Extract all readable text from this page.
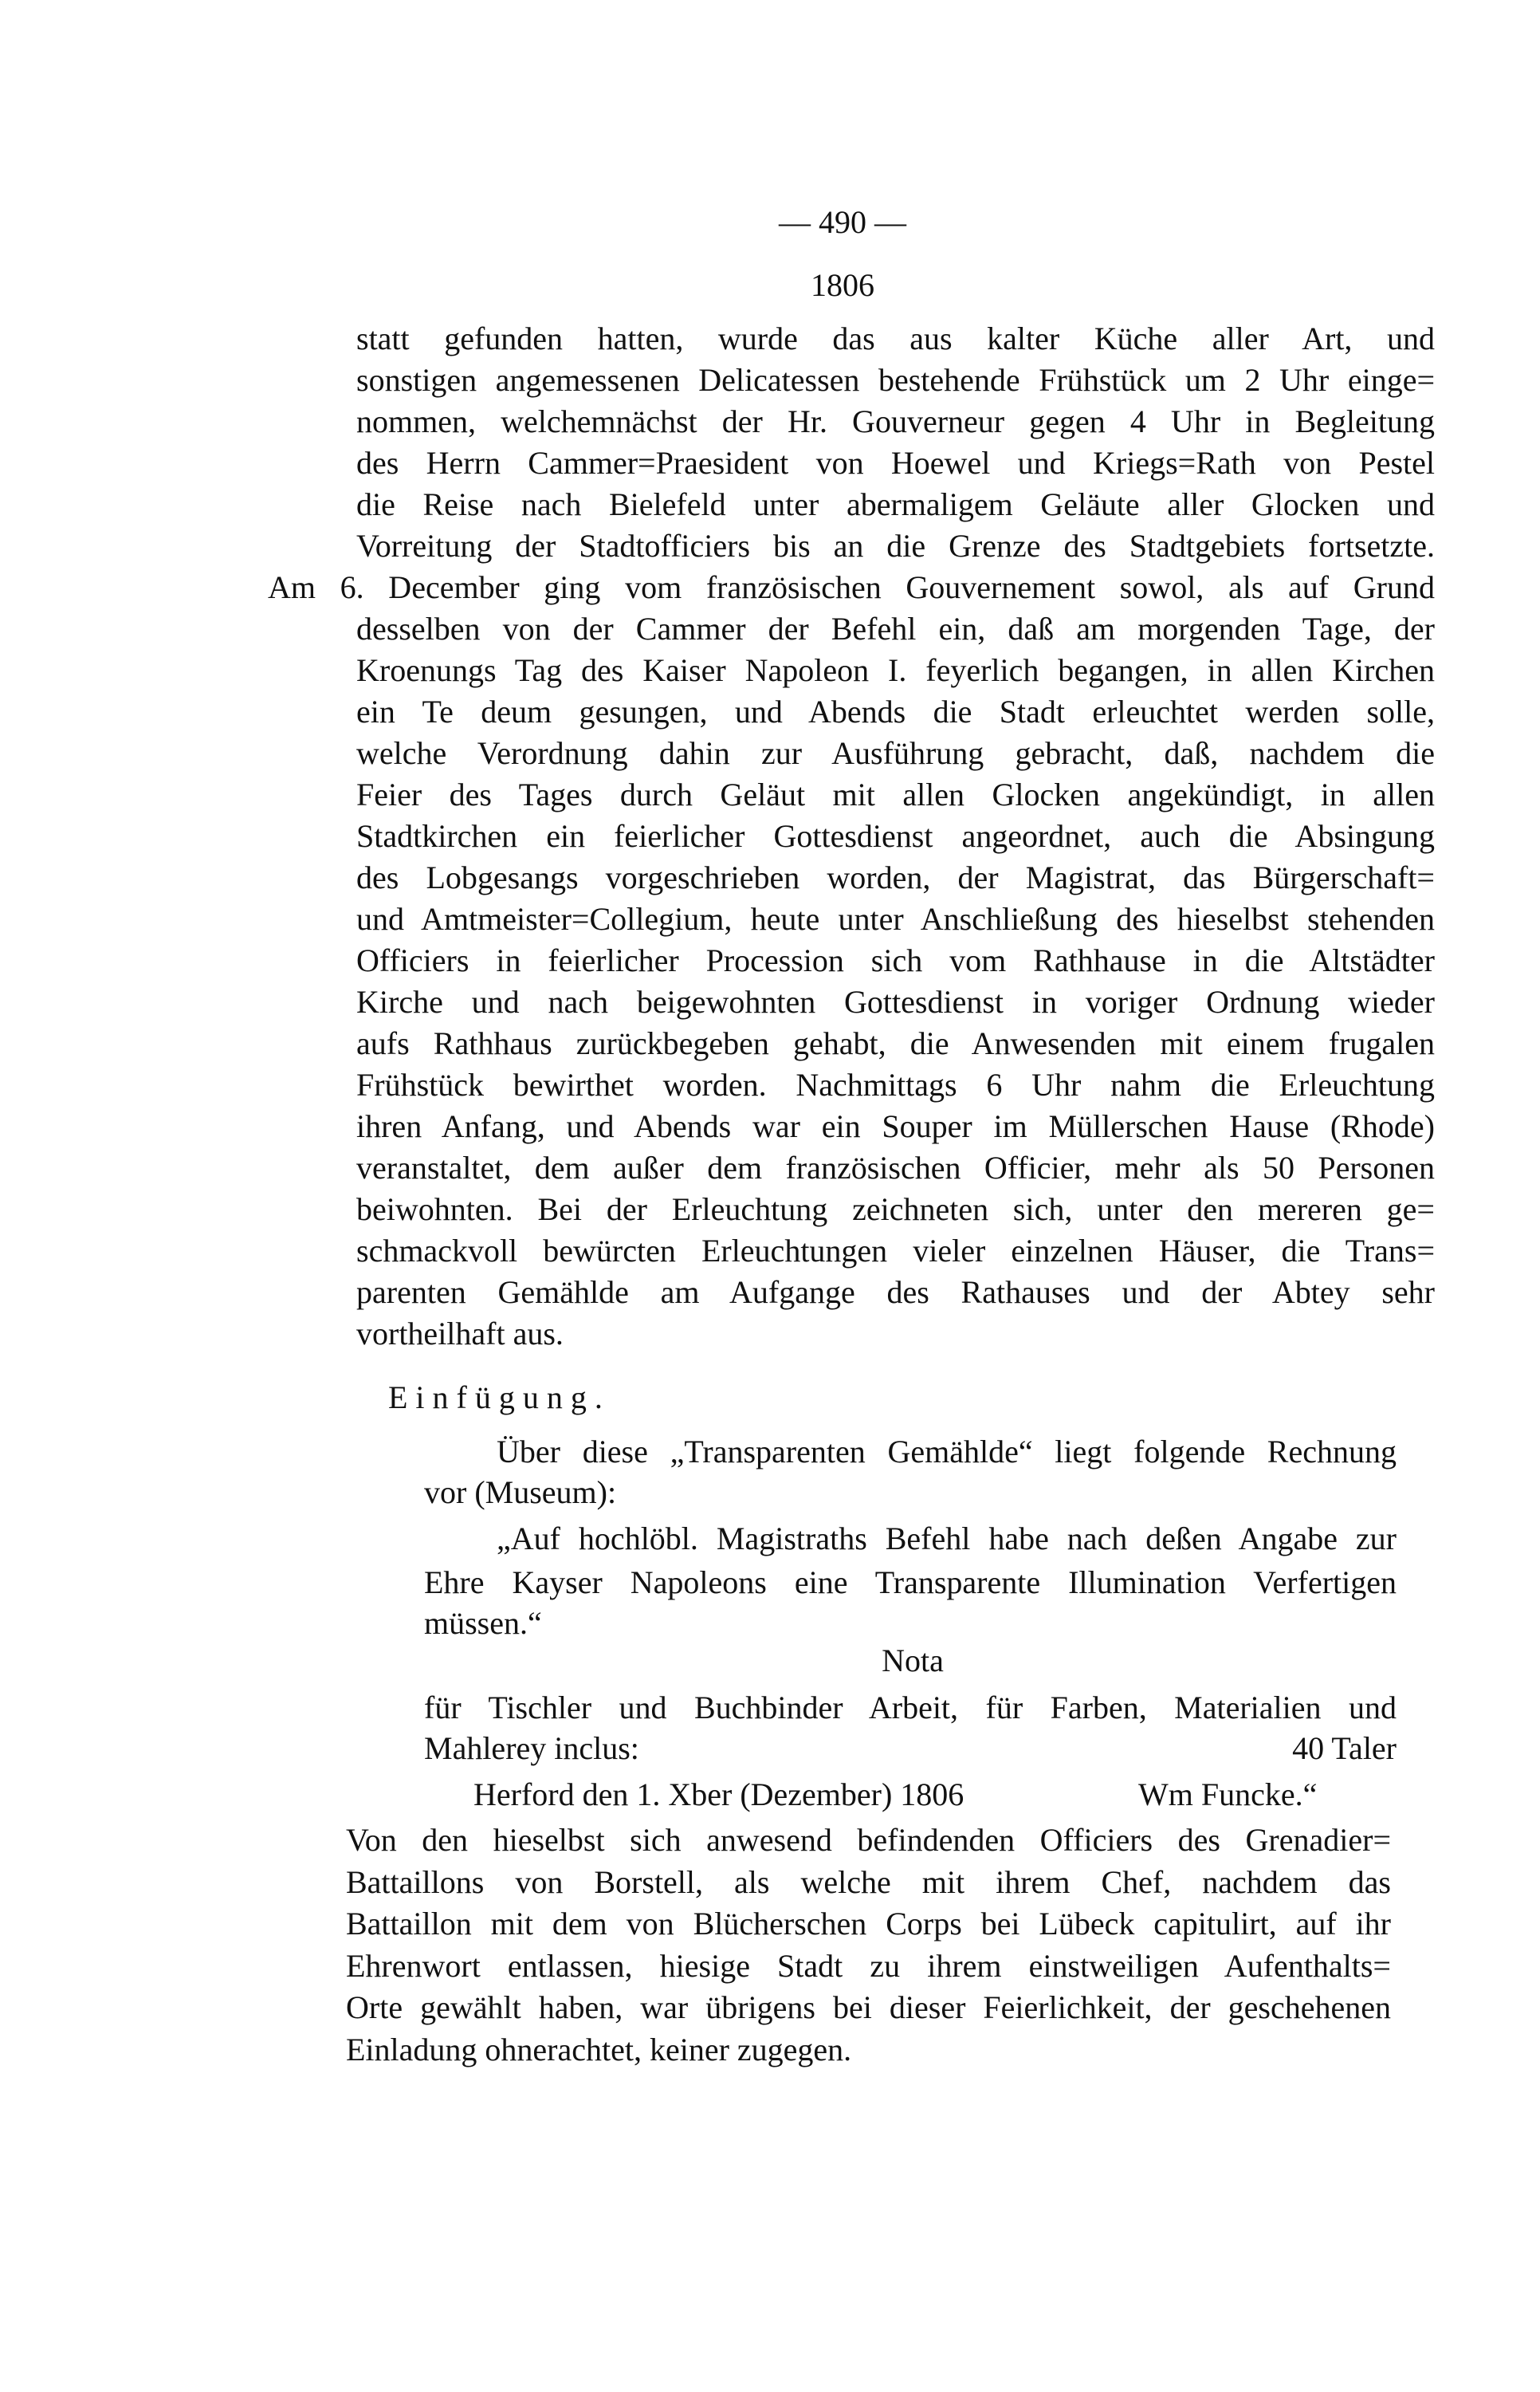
— 490 —
1806
statt gefunden hatten, wurde das aus kalter Küche aller Art, und
sonstigen angemessenen Delicatessen bestehende Frühstück um 2 Uhr einge=
nommen, welchemnächst der Hr. Gouverneur gegen 4 Uhr in Begleitung
des Herrn Cammer=Praesident von Hoewel und Kriegs=Rath von Pestel
die Reise nach Bielefeld unter abermaligem Geläute aller Glocken und
Vorreitung der Stadtofficiers bis an die Grenze des Stadtgebiets fortsetzte.
Am 6. December ging vom französischen Gouvernement sowol, als auf Grund
desselben von der Cammer der Befehl ein, daß am morgenden Tage, der
Kroenungs Tag des Kaiser Napoleon I. feyerlich begangen, in allen Kirchen
ein Te deum gesungen, und Abends die Stadt erleuchtet werden solle,
welche Verordnung dahin zur Ausführung gebracht, daß, nachdem die
Feier des Tages durch Geläut mit allen Glocken angekündigt, in allen
Stadtkirchen ein feierlicher Gottesdienst angeordnet, auch die Absingung
des Lobgesangs vorgeschrieben worden, der Magistrat, das Bürgerschaft=
und Amtmeister=Collegium, heute unter Anschließung des hieselbst stehenden
Officiers in feierlicher Procession sich vom Rathhause in die Altstädter
Kirche und nach beigewohnten Gottesdienst in voriger Ordnung wieder
aufs Rathhaus zurückbegeben gehabt, die Anwesenden mit einem frugalen
Frühstück bewirthet worden. Nachmittags 6 Uhr nahm die Erleuchtung
ihren Anfang, und Abends war ein Souper im Müllerschen Hause (Rhode)
veranstaltet, dem außer dem französischen Officier, mehr als 50 Personen
beiwohnten. Bei der Erleuchtung zeichneten sich, unter den mereren ge=
schmackvoll bewürcten Erleuchtungen vieler einzelnen Häuser, die Trans=
parenten Gemählde am Aufgange des Rathauses und der Abtey sehr
vortheilhaft aus.
Einfügung.
Über diese „Transparenten Gemählde“ liegt folgende Rechnung
vor (Museum):
„Auf hochlöbl. Magistraths Befehl habe nach deßen Angabe zur
Ehre Kayser Napoleons eine Transparente Illumination Verfertigen
müssen.“
Nota
für Tischler und Buchbinder Arbeit, für Farben, Materialien und
Mahlerey inclus:	40 Taler
Herford den 1. Xber (Dezember) 1806	Wm Funcke.“
Von den hieselbst sich anwesend befindenden Officiers des Grenadier=
Battaillons von Borstell, als welche mit ihrem Chef, nachdem das
Battaillon mit dem von Blücherschen Corps bei Lübeck capitulirt, auf ihr
Ehrenwort entlassen, hiesige Stadt zu ihrem einstweiligen Aufenthalts=
Orte gewählt haben, war übrigens bei dieser Feierlichkeit, der geschehenen
Einladung ohnerachtet, keiner zugegen.
